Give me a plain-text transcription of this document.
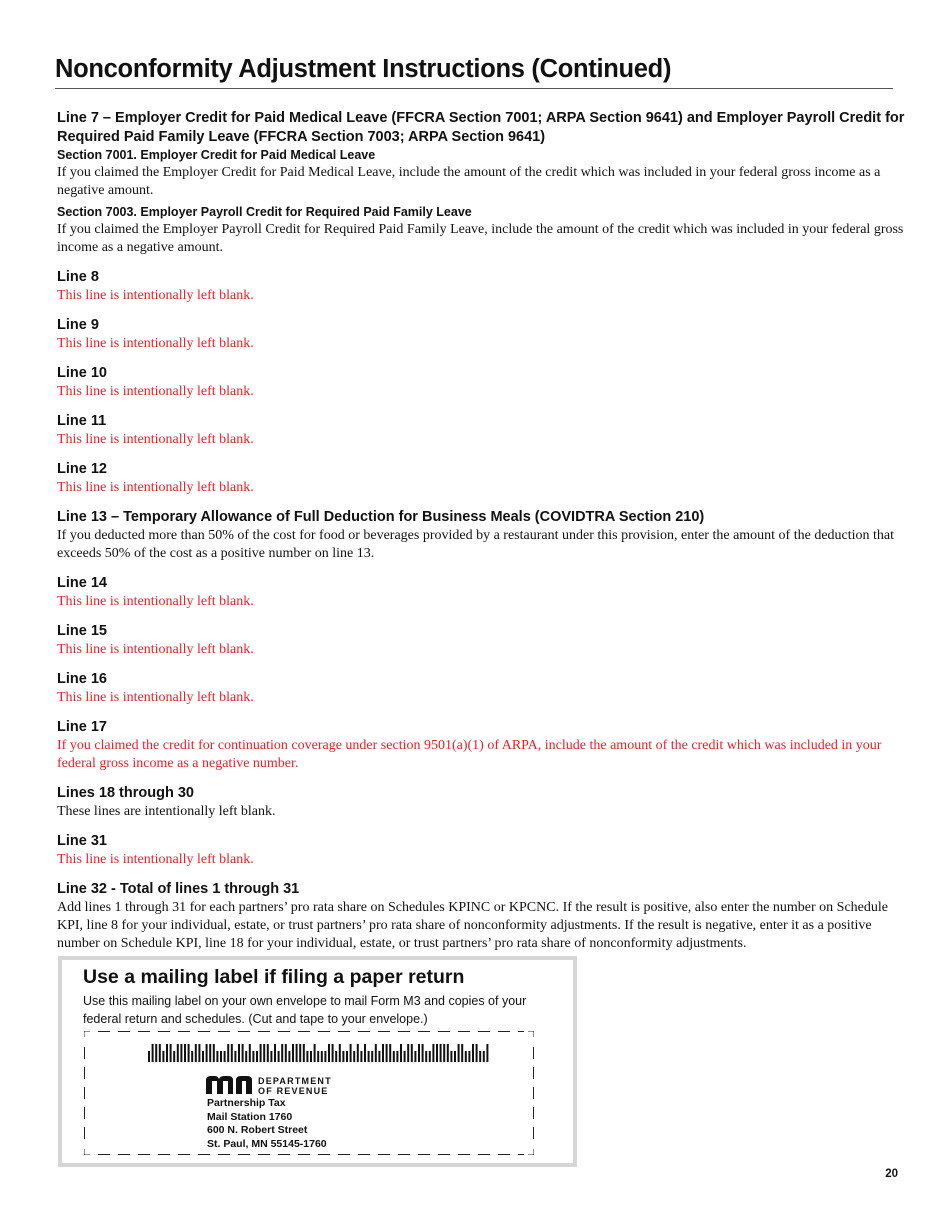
Nonconformity Adjustment Instructions (Continued)

Line 7 – Employer Credit for Paid Medical Leave (FFCRA Section 7001; ARPA Section 9641) and Employer Payroll Credit for Required Paid Family Leave (FFCRA Section 7003; ARPA Section 9641)

Section 7001. Employer Credit for Paid Medical Leave

If you claimed the Employer Credit for Paid Medical Leave, include the amount of the credit which was included in your federal gross income as a negative amount.

Section 7003. Employer Payroll Credit for Required Paid Family Leave

If you claimed the Employer Payroll Credit for Required Paid Family Leave, include the amount of the credit which was included in your federal gross income as a negative amount.

Line 8

This line is intentionally left blank.

Line 9

This line is intentionally left blank.

Line 10

This line is intentionally left blank.

Line 11

This line is intentionally left blank.

Line 12

This line is intentionally left blank.

Line 13 – Temporary Allowance of Full Deduction for Business Meals (COVIDTRA Section 210)

If you deducted more than 50% of the cost for food or beverages provided by a restaurant under this provision, enter the amount of the deduction that exceeds 50% of the cost as a positive number on line 13.

Line 14

This line is intentionally left blank.

Line 15

This line is intentionally left blank.

Line 16

This line is intentionally left blank.

Line 17

If you claimed the credit for continuation coverage under section 9501(a)(1) of ARPA, include the amount of the credit which was included in your federal gross income as a negative number.

Lines 18 through 30

These lines are intentionally left blank.

Line 31

This line is intentionally left blank.

Line 32 - Total of lines 1 through 31

Add lines 1 through 31 for each partners’ pro rata share on Schedules KPINC or KPCNC. If the result is positive, also enter the number on Schedule KPI, line 8 for your individual, estate, or trust partners’ pro rata share of nonconformity adjustments. If the result is negative, enter it as a positive number on Schedule KPI, line 18 for your individual, estate, or trust partners’ pro rata share of nonconformity adjustments.

Use a mailing label if filing a paper return
Use this mailing label on your own envelope to mail Form M3 and copies of your federal return and schedules. (Cut and tape to your envelope.)
DEPARTMENT
OF REVENUE
Partnership Tax
Mail Station 1760
600 N. Robert Street
St. Paul, MN 55145-1760
20
